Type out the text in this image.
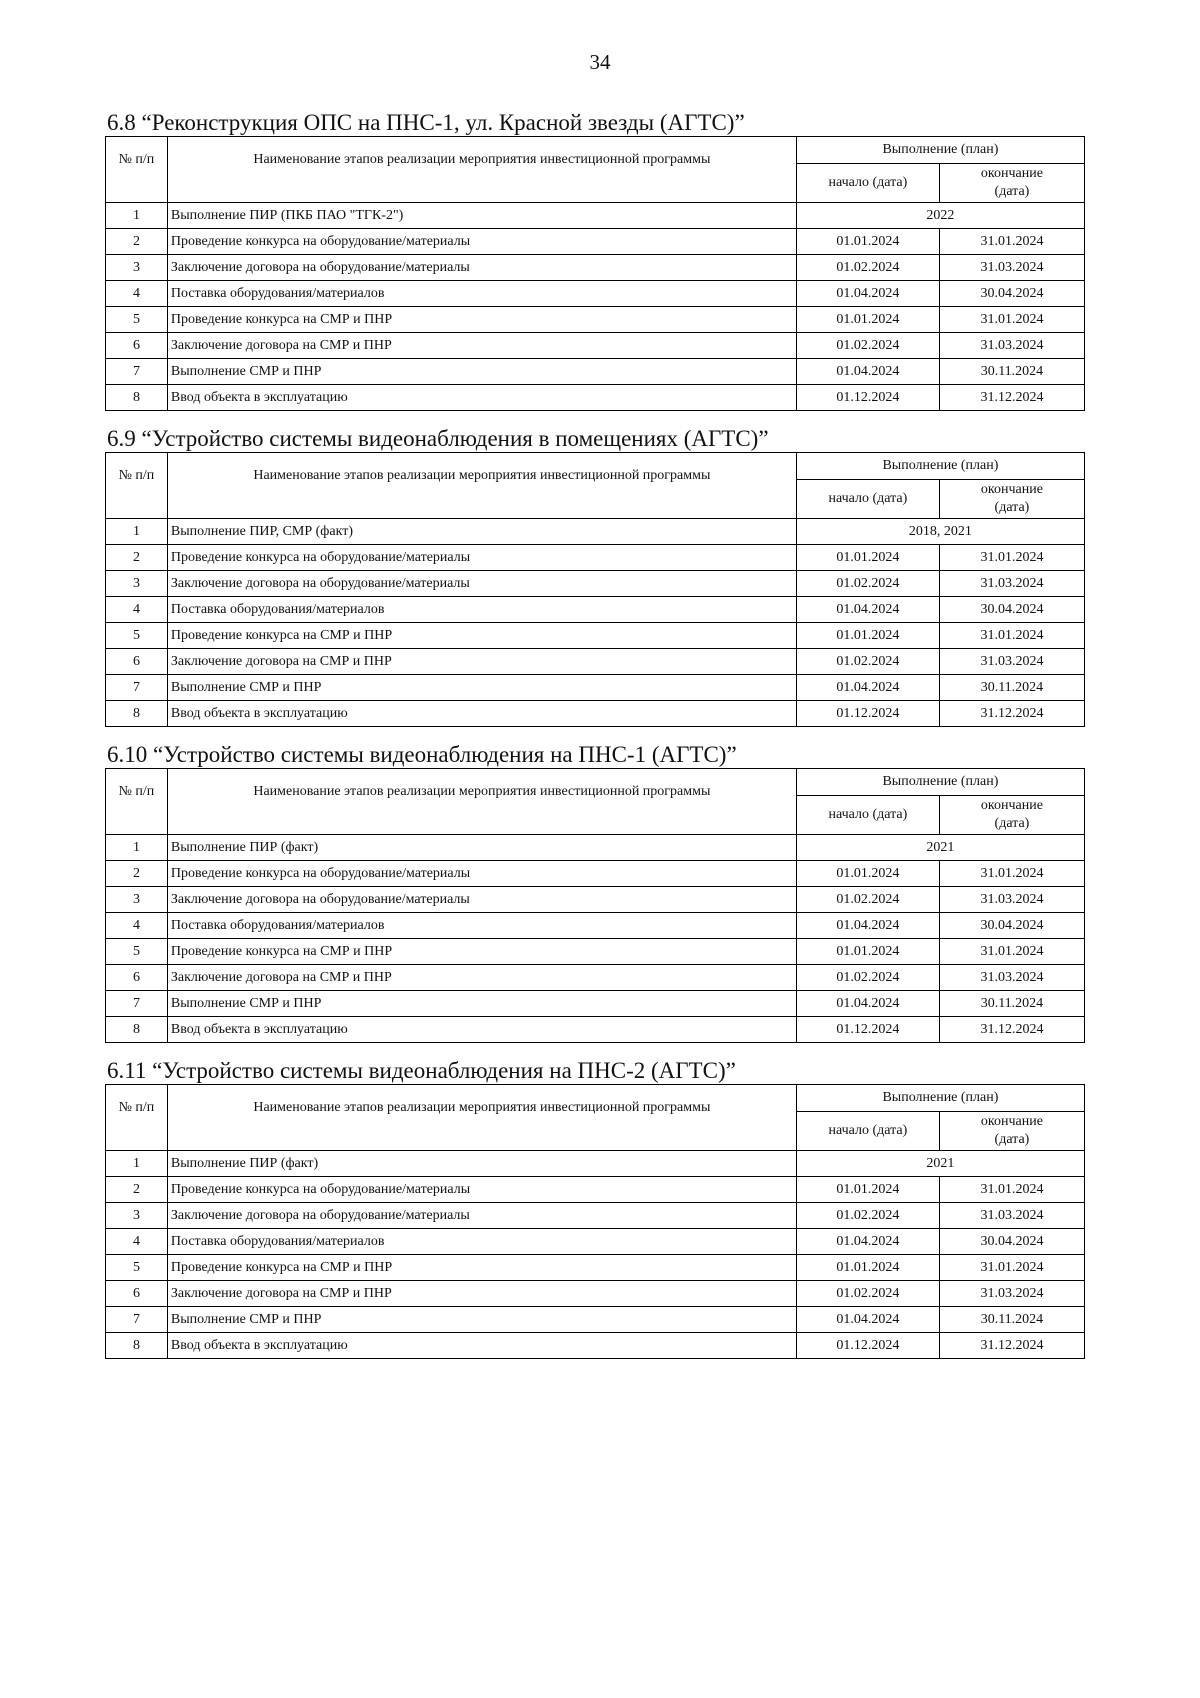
34
6.8 “Реконструкция ОПС на ПНС-1, ул. Красной звезды (АГТС)”
№ п/п	Наименование этапов реализации мероприятия инвестиционной программы	Выполнение (план)	
		начало (дата)	окончание (дата)
1	Выполнение ПИР (ПКБ ПАО "ТГК-2")	2022	
2	Проведение конкурса на оборудование/материалы	01.01.2024	31.01.2024
3	Заключение договора на оборудование/материалы	01.02.2024	31.03.2024
4	Поставка оборудования/материалов	01.04.2024	30.04.2024
5	Проведение конкурса на СМР и ПНР	01.01.2024	31.01.2024
6	Заключение договора на СМР и ПНР	01.02.2024	31.03.2024
7	Выполнение СМР и ПНР	01.04.2024	30.11.2024
8	Ввод объекта в эксплуатацию	01.12.2024	31.12.2024
6.9 “Устройство системы видеонаблюдения в помещениях (АГТС)”
№ п/п	Наименование этапов реализации мероприятия инвестиционной программы	Выполнение (план)	
		начало (дата)	окончание (дата)
1	Выполнение ПИР, СМР (факт)	2018, 2021	
2	Проведение конкурса на оборудование/материалы	01.01.2024	31.01.2024
3	Заключение договора на оборудование/материалы	01.02.2024	31.03.2024
4	Поставка оборудования/материалов	01.04.2024	30.04.2024
5	Проведение конкурса на СМР и ПНР	01.01.2024	31.01.2024
6	Заключение договора на СМР и ПНР	01.02.2024	31.03.2024
7	Выполнение СМР и ПНР	01.04.2024	30.11.2024
8	Ввод объекта в эксплуатацию	01.12.2024	31.12.2024
6.10 “Устройство системы видеонаблюдения на ПНС-1 (АГТС)”
№ п/п	Наименование этапов реализации мероприятия инвестиционной программы	Выполнение (план)	
		начало (дата)	окончание (дата)
1	Выполнение ПИР (факт)	2021	
2	Проведение конкурса на оборудование/материалы	01.01.2024	31.01.2024
3	Заключение договора на оборудование/материалы	01.02.2024	31.03.2024
4	Поставка оборудования/материалов	01.04.2024	30.04.2024
5	Проведение конкурса на СМР и ПНР	01.01.2024	31.01.2024
6	Заключение договора на СМР и ПНР	01.02.2024	31.03.2024
7	Выполнение СМР и ПНР	01.04.2024	30.11.2024
8	Ввод объекта в эксплуатацию	01.12.2024	31.12.2024
6.11 “Устройство системы видеонаблюдения на ПНС-2 (АГТС)”
№ п/п	Наименование этапов реализации мероприятия инвестиционной программы	Выполнение (план)	
		начало (дата)	окончание (дата)
1	Выполнение ПИР (факт)	2021	
2	Проведение конкурса на оборудование/материалы	01.01.2024	31.01.2024
3	Заключение договора на оборудование/материалы	01.02.2024	31.03.2024
4	Поставка оборудования/материалов	01.04.2024	30.04.2024
5	Проведение конкурса на СМР и ПНР	01.01.2024	31.01.2024
6	Заключение договора на СМР и ПНР	01.02.2024	31.03.2024
7	Выполнение СМР и ПНР	01.04.2024	30.11.2024
8	Ввод объекта в эксплуатацию	01.12.2024	31.12.2024
